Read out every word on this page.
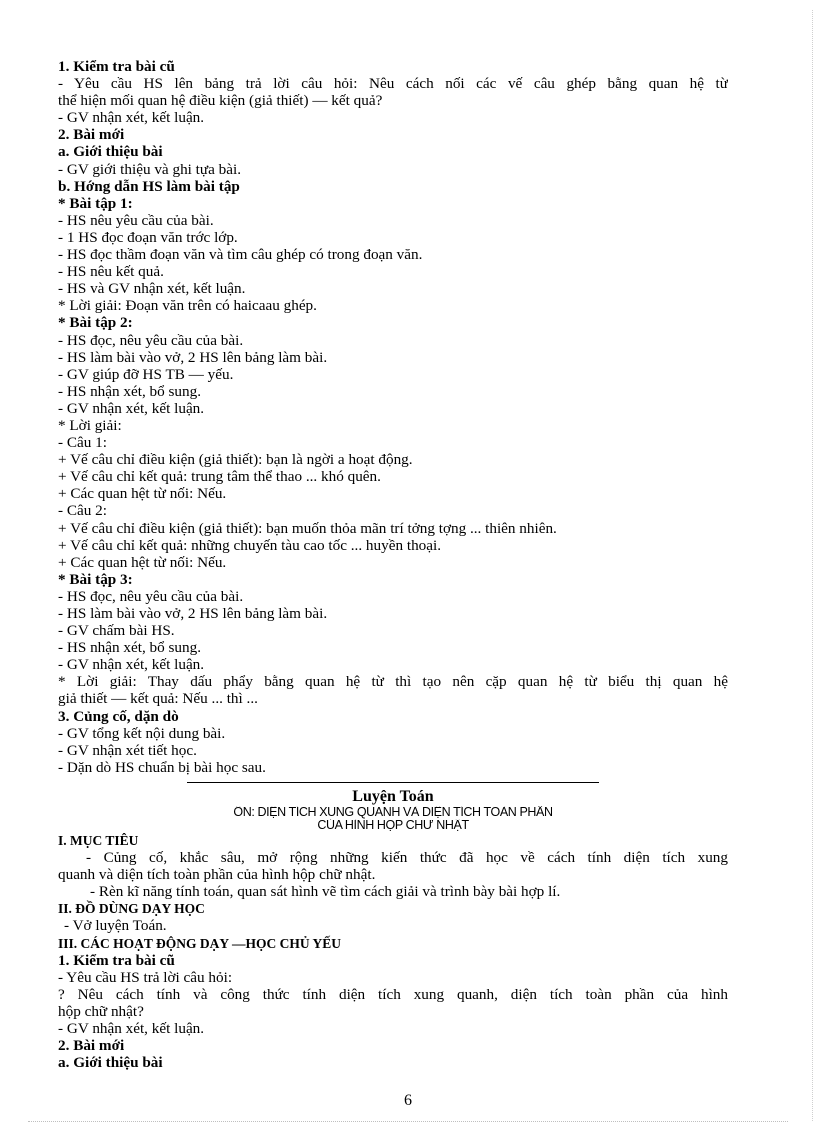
1. Kiểm tra bài cũ
- Yêu cầu HS lên bảng trả lời câu hỏi: Nêu cách nối các vế câu ghép bằng quan hệ từ
thể hiện mối quan hệ điều kiện (giả thiết) — kết quả?
- GV nhận xét, kết luận.
2. Bài mới
a. Giới thiệu bài
- GV giới thiệu và ghi tựa bài.
b. Hớng dẫn HS làm bài tập
* Bài tập 1:
- HS nêu yêu cầu của bài.
- 1 HS đọc đoạn văn trớc lớp.
- HS đọc thầm đoạn văn và tìm câu ghép có trong đoạn văn.
- HS nêu kết quả.
- HS và GV nhận xét, kết luận.
* Lời giải: Đoạn văn trên có haicaau ghép.
* Bài tập 2:
- HS đọc, nêu yêu cầu của bài.
- HS làm bài vào vở, 2 HS lên bảng làm bài.
- GV giúp đỡ HS TB — yếu.
- HS nhận xét, bổ sung.
- GV nhận xét, kết luận.
* Lời giải:
- Câu 1:
+ Vế câu chỉ điều kiện (giả thiết): bạn là ngời a hoạt động.
+ Vế câu chỉ kết quả: trung tâm thể thao ... khó quên.
+ Các quan hệt từ nối: Nếu.
- Câu 2:
+ Vế câu chỉ điều kiện (giả thiết): bạn muốn thỏa mãn trí tởng tợng ... thiên nhiên.
+ Vế câu chỉ kết quả: những chuyến tàu cao tốc ... huyền thoại.
+ Các quan hệt từ nối: Nếu.
* Bài tập 3:
- HS đọc, nêu yêu cầu của bài.
- HS làm bài vào vở, 2 HS lên bảng làm bài.
- GV chấm bài HS.
- HS nhận xét, bổ sung.
- GV nhận xét, kết luận.
* Lời giải: Thay dấu phẩy bằng quan hệ từ thì tạo nên cặp quan hệ từ biểu thị quan hệ
giả thiết — kết quả: Nếu ... thì ...
3. Củng cố, dặn dò
- GV tổng kết nội dung bài.
- GV nhận xét tiết học.
- Dặn dò HS chuẩn bị bài học sau.
Luyện Toán
ÔN: DIỆN TÍCH XUNG QUANH VÀ DIỆN TÍCH TOÀN PHẦN
CỦA HÌNH HỘP CHỮ NHẬT
I. MỤC TIÊU
- Củng cố, khắc sâu, mở rộng những kiến thức đã học về cách tính diện tích xung
quanh và diện tích toàn phần của hình hộp chữ nhật.
- Rèn kĩ năng tính toán, quan sát hình vẽ tìm cách giải và trình bày bài hợp lí.
II. ĐỒ DÙNG DẠY HỌC
- Vở luyện Toán.
III. CÁC HOẠT ĐỘNG DẠY —HỌC CHỦ YẾU
1. Kiểm tra bài cũ
- Yêu cầu HS trả lời câu hỏi:
? Nêu cách tính và công thức tính diện tích xung quanh, diện tích toàn phần của hình
hộp chữ nhật?
- GV nhận xét, kết luận.
2. Bài mới
a. Giới thiệu bài
6
